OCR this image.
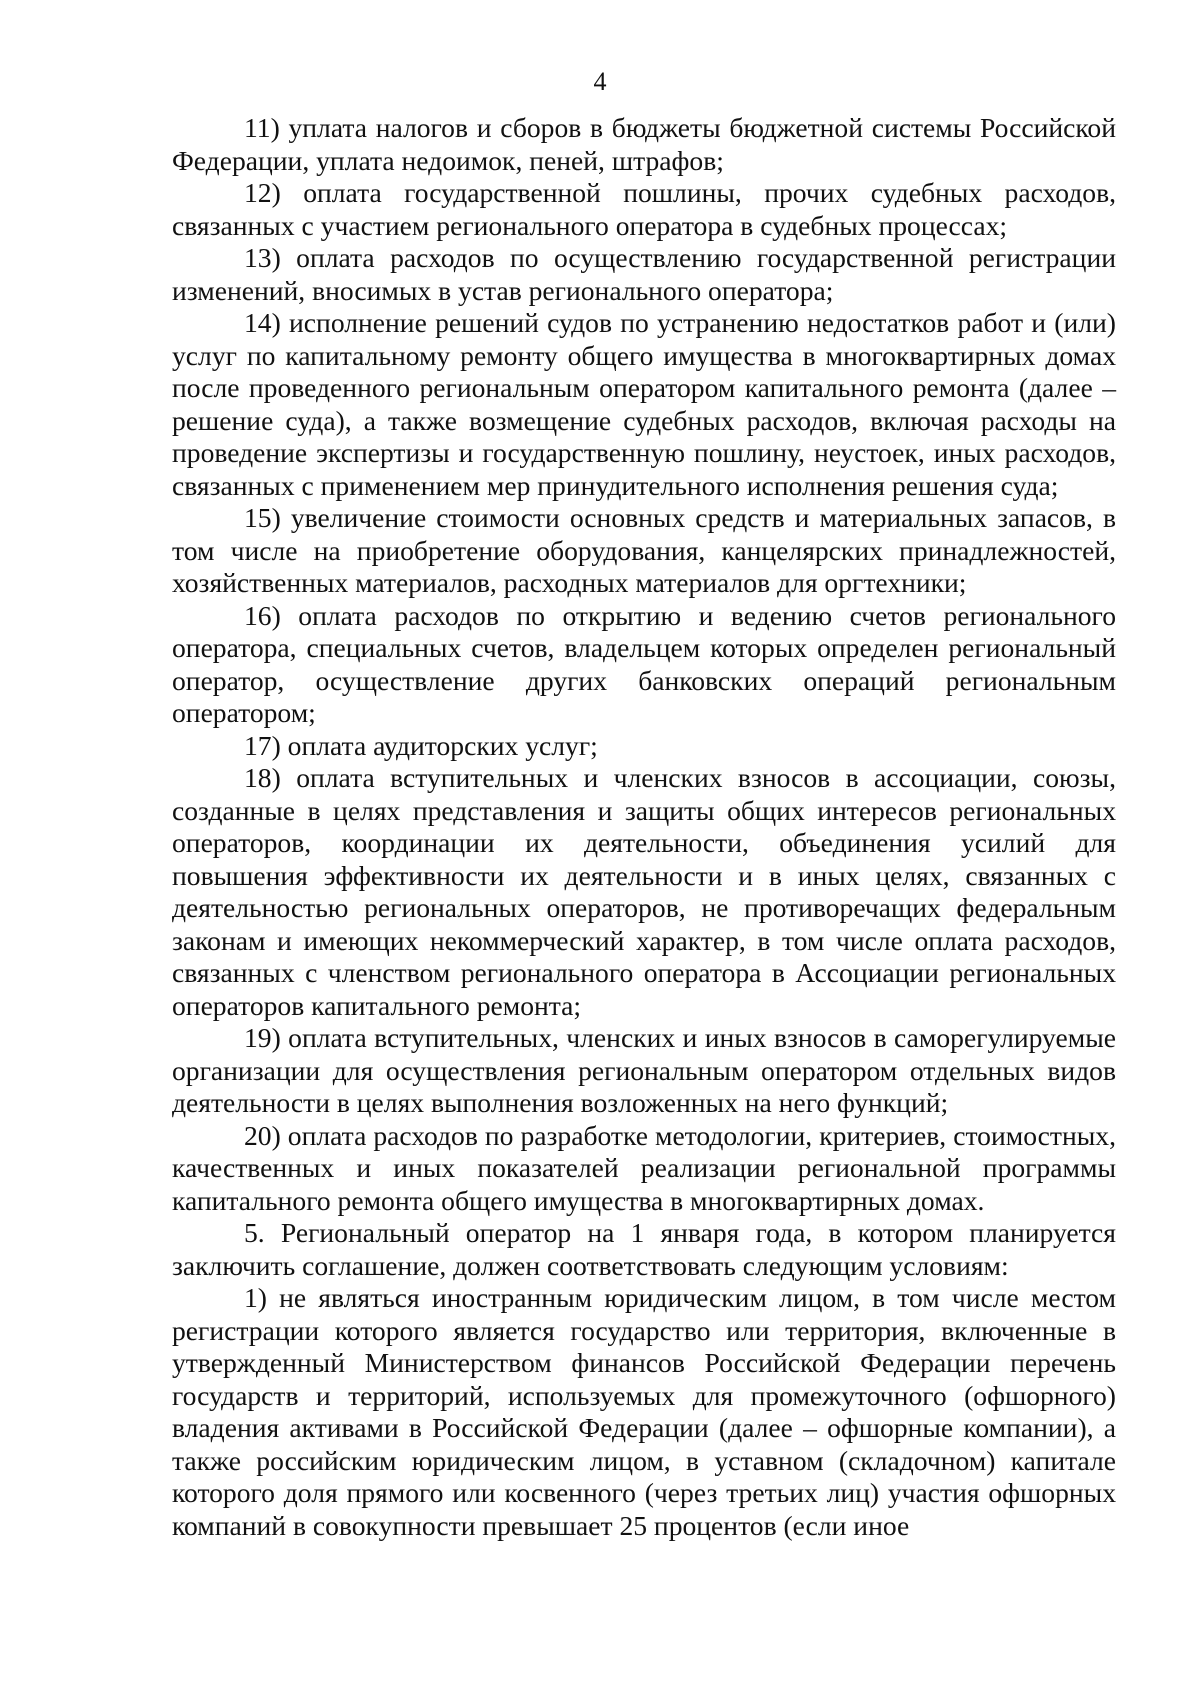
4

11) уплата налогов и сборов в бюджеты бюджетной системы Российской Федерации, уплата недоимок, пеней, штрафов;

12) оплата государственной пошлины, прочих судебных расходов, связанных с участием регионального оператора в судебных процессах;

13) оплата расходов по осуществлению государственной регистрации изменений, вносимых в устав регионального оператора;

14) исполнение решений судов по устранению недостатков работ и (или) услуг по капитальному ремонту общего имущества в многоквартирных домах после проведенного региональным оператором капитального ремонта (далее – решение суда), а также возмещение судебных расходов, включая расходы на проведение экспертизы и государственную пошлину, неустоек, иных расходов, связанных с применением мер принудительного исполнения решения суда;

15) увеличение стоимости основных средств и материальных запасов, в том числе на приобретение оборудования, канцелярских принадлежностей, хозяйственных материалов, расходных материалов для оргтехники;

16) оплата расходов по открытию и ведению счетов регионального оператора, специальных счетов, владельцем которых определен региональный оператор, осуществление других банковских операций региональным оператором;

17) оплата аудиторских услуг;

18) оплата вступительных и членских взносов в ассоциации, союзы, созданные в целях представления и защиты общих интересов региональных операторов, координации их деятельности, объединения усилий для повышения эффективности их деятельности и в иных целях, связанных с деятельностью региональных операторов, не противоречащих федеральным законам и имеющих некоммерческий характер, в том числе оплата расходов, связанных с членством регионального оператора в Ассоциации региональных операторов капитального ремонта;

19) оплата вступительных, членских и иных взносов в саморегулируемые организации для осуществления региональным оператором отдельных видов деятельности в целях выполнения возложенных на него функций;

20) оплата расходов по разработке методологии, критериев, стоимостных, качественных и иных показателей реализации региональной программы капитального ремонта общего имущества в многоквартирных домах.

5. Региональный оператор на 1 января года, в котором планируется заключить соглашение, должен соответствовать следующим условиям:

1) не являться иностранным юридическим лицом, в том числе местом регистрации которого является государство или территория, включенные в утвержденный Министерством финансов Российской Федерации перечень государств и территорий, используемых для промежуточного (офшорного) владения активами в Российской Федерации (далее – офшорные компании), а также российским юридическим лицом, в уставном (складочном) капитале которого доля прямого или косвенного (через третьих лиц) участия офшорных компаний в совокупности превышает 25 процентов (если иное
